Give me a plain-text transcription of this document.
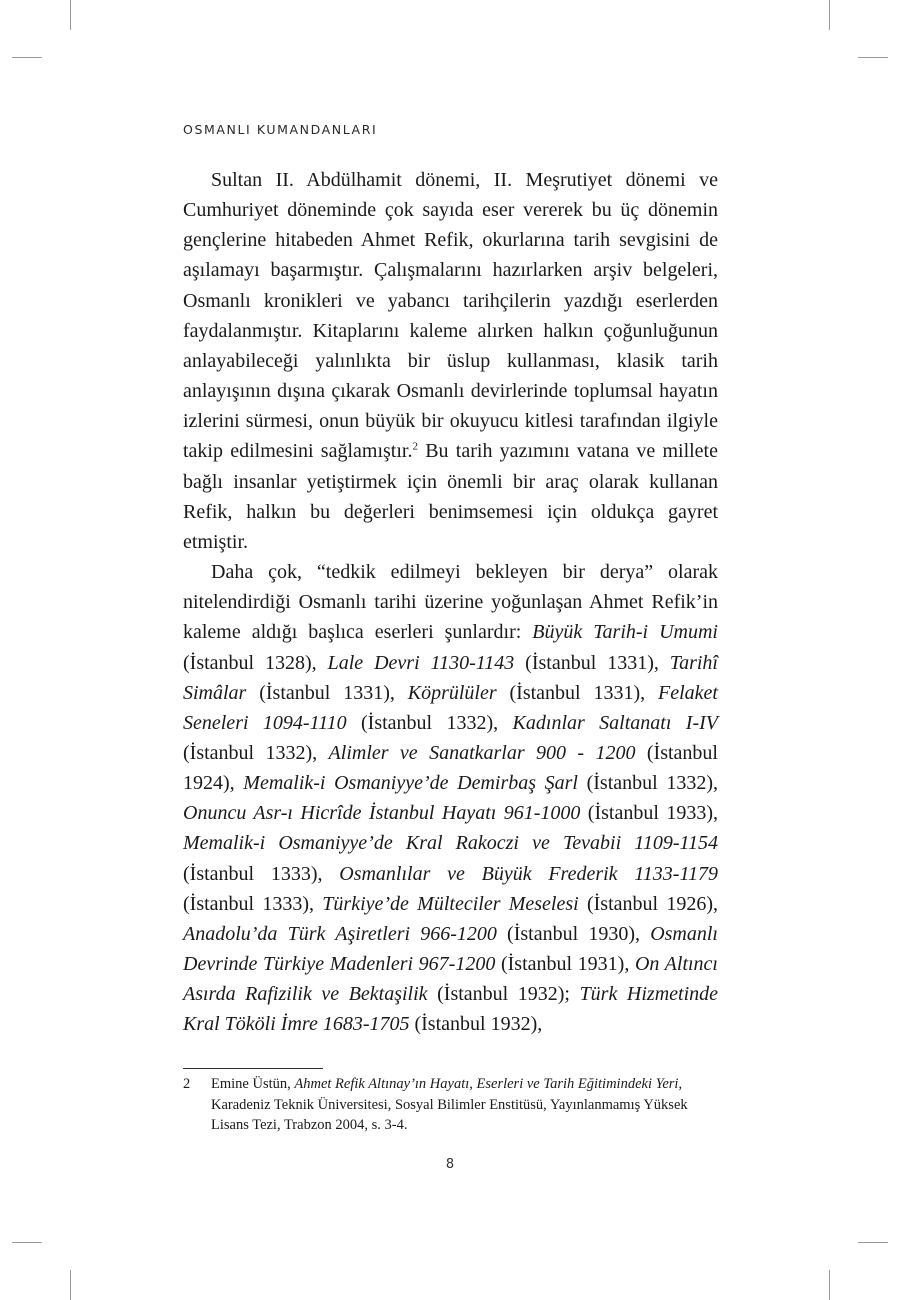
OSMANLI KUMANDANLARI

Sultan II. Abdülhamit dönemi, II. Meşrutiyet dönemi ve Cumhuriyet döneminde çok sayıda eser vererek bu üç dönemin gençlerine hitabeden Ahmet Refik, okurlarına tarih sevgisini de aşılamayı başarmıştır. Çalışmalarını hazırlarken arşiv belgeleri, Osmanlı kronikleri ve yabancı tarihçilerin yazdığı eserlerden faydalanmıştır. Kitaplarını kaleme alırken halkın çoğunluğunun anlayabileceği yalınlıkta bir üslup kullanması, klasik tarih anlayışının dışına çıkarak Osmanlı devirlerinde toplumsal hayatın izlerini sürmesi, onun büyük bir okuyucu kitlesi tarafından ilgiyle takip edilmesini sağlamıştır.$^2$ Bu tarih yazımını vatana ve millete bağlı insanlar yetiştirmek için önemli bir araç olarak kullanan Refik, halkın bu değerleri benimsemesi için oldukça gayret etmiştir.

Daha çok, “tedkik edilmeyi bekleyen bir derya” olarak nitelendirdiği Osmanlı tarihi üzerine yoğunlaşan Ahmet Refik’in kaleme aldığı başlıca eserleri şunlardır: Büyük Tarih-i Umumi (İstanbul 1328), Lale Devri 1130-1143 (İstanbul 1331), Tarihî Simâlar (İstanbul 1331), Köprülüler (İstanbul 1331), Felaket Seneleri 1094-1110 (İstanbul 1332), Kadınlar Saltanatı I-IV (İstanbul 1332), Alimler ve Sanatkarlar 900 - 1200 (İstanbul 1924), Memalik-i Osmaniyye’de Demirbaş Şarl (İstanbul 1332), Onuncu Asr-ı Hicrîde İstanbul Hayatı 961-1000 (İstanbul 1933), Memalik-i Osmaniyye’de Kral Rakoczi ve Tevabii 1109-1154 (İstanbul 1333), Osmanlılar ve Büyük Frederik 1133-1179 (İstanbul 1333), Türkiye’de Mülteciler Meselesi (İstanbul 1926), Anadolu’da Türk Aşiretleri 966-1200 (İstanbul 1930), Osmanlı Devrinde Türkiye Madenleri 967-1200 (İstanbul 1931), On Altıncı Asırda Rafizilik ve Bektaşilik (İstanbul 1932); Türk Hizmetinde Kral Tököli İmre 1683-1705 (İstanbul 1932),

2 Emine Üstün, Ahmet Refik Altınay’ın Hayatı, Eserleri ve Tarih Eğitimindeki Yeri, Karadeniz Teknik Üniversitesi, Sosyal Bilimler Enstitüsü, Yayınlanmamış Yüksek Lisans Tezi, Trabzon 2004, s. 3-4.
8
